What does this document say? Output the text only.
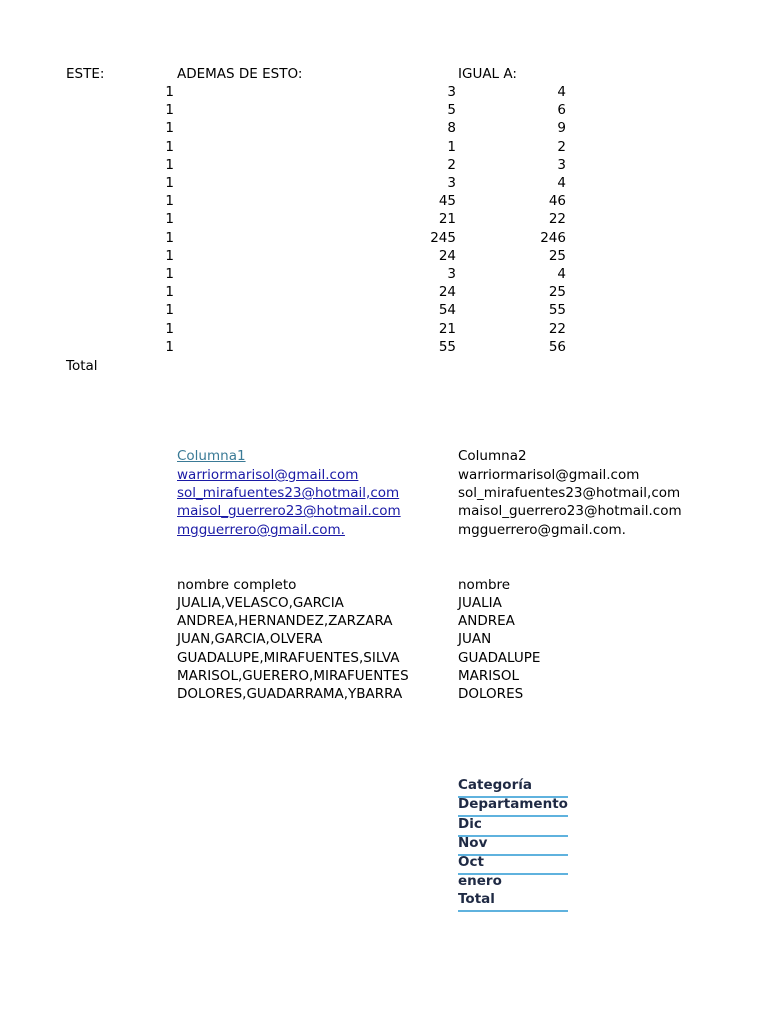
ESTE:	ADEMAS DE ESTO:	IGUAL A:
1	3	4
1	5	6
1	8	9
1	1	2
1	2	3
1	3	4
1	45	46
1	21	22
1	245	246
1	24	25
1	3	4
1	24	25
1	54	55
1	21	22
1	55	56
Total
Columna1	Columna2
warriormarisol@gmail.com	warriormarisol@gmail.com
sol_mirafuentes23@hotmail,com	sol_mirafuentes23@hotmail,com
maisol_guerrero23@hotmail.com	maisol_guerrero23@hotmail.com
mgguerrero@gmail.com.	mgguerrero@gmail.com.
nombre completo	nombre
JUALIA,VELASCO,GARCIA	JUALIA
ANDREA,HERNANDEZ,ZARZARA	ANDREA
JUAN,GARCIA,OLVERA	JUAN
GUADALUPE,MIRAFUENTES,SILVA	GUADALUPE
MARISOL,GUERERO,MIRAFUENTES	MARISOL
DOLORES,GUADARRAMA,YBARRA	DOLORES
Categoría
Departamento
Dic
Nov
Oct
enero
Total
